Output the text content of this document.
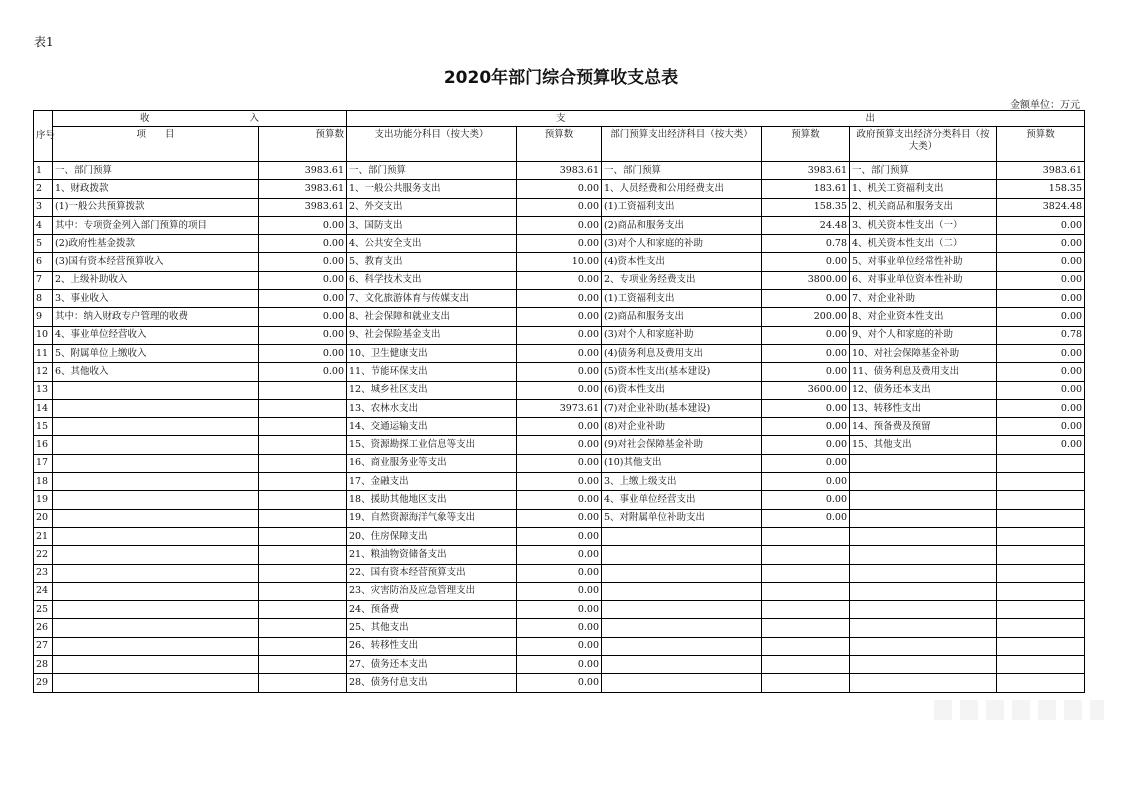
表1
2020年部门综合预算收支总表
金额单位：万元
序号	收 入		支 出					
	项　　目	预算数	支出功能分科目（按大类）	预算数	部门预算支出经济科目（按大类）	预算数	政府预算支出经济分类科目（按大类）	预算数
1	一、部门预算	3983.61	一、部门预算	3983.61	一、部门预算	3983.61	一、部门预算	3983.61
2	1、财政拨款	3983.61	1、一般公共服务支出	0.00	1、人员经费和公用经费支出	183.61	1、机关工资福利支出	158.35
3	(1)一般公共预算拨款	3983.61	2、外交支出	0.00	(1)工资福利支出	158.35	2、机关商品和服务支出	3824.48
4	其中：专项资金列入部门预算的项目	0.00	3、国防支出	0.00	(2)商品和服务支出	24.48	3、机关资本性支出（一）	0.00
5	(2)政府性基金拨款	0.00	4、公共安全支出	0.00	(3)对个人和家庭的补助	0.78	4、机关资本性支出（二）	0.00
6	(3)国有资本经营预算收入	0.00	5、教育支出	10.00	(4)资本性支出	0.00	5、对事业单位经常性补助	0.00
7	2、上级补助收入	0.00	6、科学技术支出	0.00	2、专项业务经费支出	3800.00	6、对事业单位资本性补助	0.00
8	3、事业收入	0.00	7、文化旅游体育与传媒支出	0.00	(1)工资福利支出	0.00	7、对企业补助	0.00
9	其中：纳入财政专户管理的收费	0.00	8、社会保障和就业支出	0.00	(2)商品和服务支出	200.00	8、对企业资本性支出	0.00
10	4、事业单位经营收入	0.00	9、社会保险基金支出	0.00	(3)对个人和家庭补助	0.00	9、对个人和家庭的补助	0.78
11	5、附属单位上缴收入	0.00	10、卫生健康支出	0.00	(4)债务利息及费用支出	0.00	10、对社会保障基金补助	0.00
12	6、其他收入	0.00	11、节能环保支出	0.00	(5)资本性支出(基本建设)	0.00	11、债务利息及费用支出	0.00
13			12、城乡社区支出	0.00	(6)资本性支出	3600.00	12、债务还本支出	0.00
14			13、农林水支出	3973.61	(7)对企业补助(基本建设)	0.00	13、转移性支出	0.00
15			14、交通运输支出	0.00	(8)对企业补助	0.00	14、预备费及预留	0.00
16			15、资源勘探工业信息等支出	0.00	(9)对社会保障基金补助	0.00	15、其他支出	0.00
17			16、商业服务业等支出	0.00	(10)其他支出	0.00		
18			17、金融支出	0.00	3、上缴上级支出	0.00		
19			18、援助其他地区支出	0.00	4、事业单位经营支出	0.00		
20			19、自然资源海洋气象等支出	0.00	5、对附属单位补助支出	0.00		
21			20、住房保障支出	0.00				
22			21、粮油物资储备支出	0.00				
23			22、国有资本经营预算支出	0.00				
24			23、灾害防治及应急管理支出	0.00				
25			24、预备费	0.00				
26			25、其他支出	0.00				
27			26、转移性支出	0.00				
28			27、债务还本支出	0.00				
29			28、债务付息支出	0.00				
